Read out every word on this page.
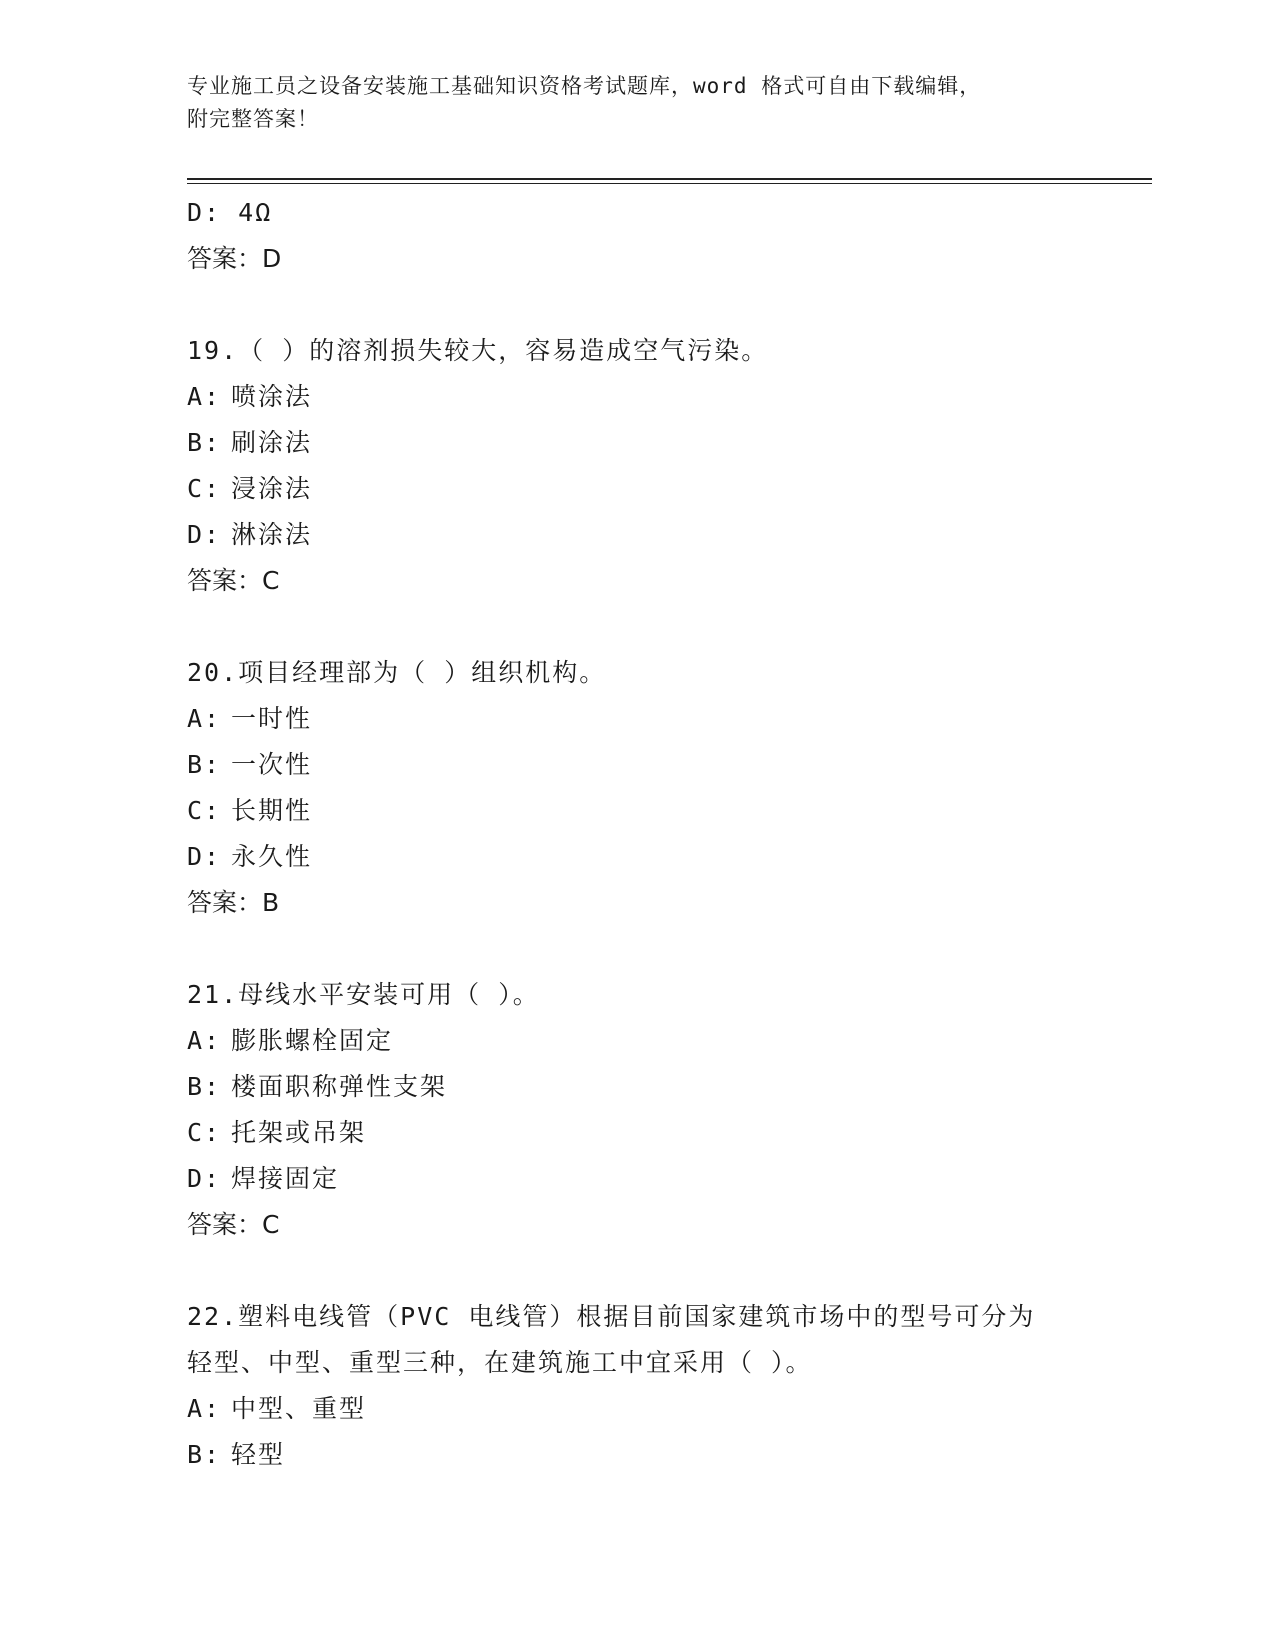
专业施工员之设备安装施工基础知识资格考试题库，word 格式可自由下载编辑，
附完整答案！
D: 4Ω
答案：D
19.（ ）的溶剂损失较大，容易造成空气污染。
A: 喷涂法
B: 刷涂法
C: 浸涂法
D: 淋涂法
答案：C
20.项目经理部为（ ）组织机构。
A: 一时性
B: 一次性
C: 长期性
D: 永久性
答案：B
21.母线水平安装可用（ ）。
A: 膨胀螺栓固定
B: 楼面职称弹性支架
C: 托架或吊架
D: 焊接固定
答案：C
22.塑料电线管（PVC 电线管）根据目前国家建筑市场中的型号可分为
轻型、中型、重型三种，在建筑施工中宜采用（ ）。
A: 中型、重型
B: 轻型
